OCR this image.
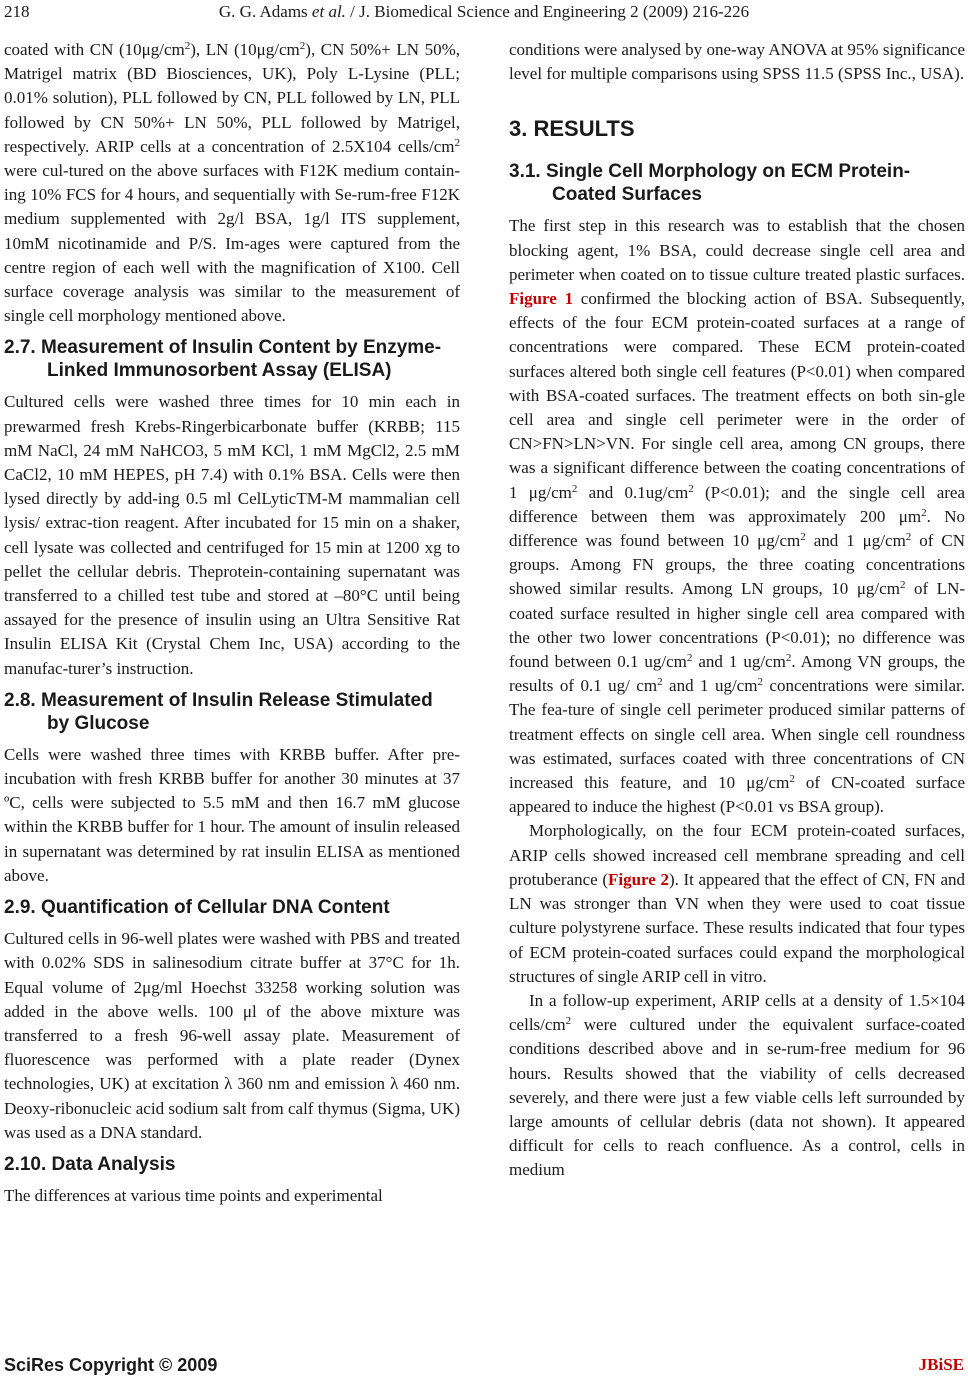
218	G. G. Adams et al. / J. Biomedical Science and Engineering 2 (2009) 216-226

coated with CN $(10\mu g/cm^2)$, LN $(10\mu g/cm^2)$, CN 50%+ LN 50%, Matrigel matrix (BD Biosciences, UK), Poly L-Lysine (PLL; 0.01% solution), PLL followed by CN, PLL followed by LN, PLL followed by CN 50%+ LN 50%, PLL followed by Matrigel, respectively. ARIP cells at a concentration of 2.5X104 cells/$cm^2$ were cul-tured on the above surfaces with F12K medium contain-ing 10% FCS for 4 hours, and sequentially with Se-rum-free F12K medium supplemented with 2g/l BSA, 1g/l ITS supplement, 10mM nicotinamide and P/S. Im-ages were captured from the centre region of each well with the magnification of X100. Cell surface coverage analysis was similar to the measurement of single cell morphology mentioned above.

2.7. Measurement of Insulin Content by Enzyme-Linked Immunosorbent Assay (ELISA)

Cultured cells were washed three times for 10 min each in prewarmed fresh Krebs-Ringerbicarbonate buffer (KRBB; 115 mM NaCl, 24 mM NaHCO3, 5 mM KCl, 1 mM MgCl2, 2.5 mM CaCl2, 10 mM HEPES, pH 7.4) with 0.1% BSA. Cells were then lysed directly by add-ing 0.5 ml CelLyticTM-M mammalian cell lysis/ extrac-tion reagent. After incubated for 15 min on a shaker, cell lysate was collected and centrifuged for 15 min at 1200 xg to pellet the cellular debris. Theprotein-containing supernatant was transferred to a chilled test tube and stored at –80°C until being assayed for the presence of insulin using an Ultra Sensitive Rat Insulin ELISA Kit (Crystal Chem Inc, USA) according to the manufac-turer’s instruction.

2.8. Measurement of Insulin Release Stimulated by Glucose

Cells were washed three times with KRBB buffer. After pre-incubation with fresh KRBB buffer for another 30 minutes at 37 ºC, cells were subjected to 5.5 mM and then 16.7 mM glucose within the KRBB buffer for 1 hour. The amount of insulin released in supernatant was determined by rat insulin ELISA as mentioned above.

2.9. Quantification of Cellular DNA Content

Cultured cells in 96-well plates were washed with PBS and treated with 0.02% SDS in salinesodium citrate buffer at 37°C for 1h. Equal volume of 2μg/ml Hoechst 33258 working solution was added in the above wells. 100 μl of the above mixture was transferred to a fresh 96-well assay plate. Measurement of fluorescence was performed with a plate reader (Dynex technologies, UK) at excitation λ 360 nm and emission λ 460 nm. Deoxy-ribonucleic acid sodium salt from calf thymus (Sigma, UK) was used as a DNA standard.

2.10. Data Analysis

The differences at various time points and experimental

conditions were analysed by one-way ANOVA at 95% significance level for multiple comparisons using SPSS 11.5 (SPSS Inc., USA).

3. RESULTS
3.1. Single Cell Morphology on ECM Protein-Coated Surfaces

The first step in this research was to establish that the chosen blocking agent, 1% BSA, could decrease single cell area and perimeter when coated on to tissue culture treated plastic surfaces. Figure 1 confirmed the blocking action of BSA. Subsequently, effects of the four ECM protein-coated surfaces at a range of concentrations were compared. These ECM protein-coated surfaces altered both single cell features (P<0.01) when compared with BSA-coated surfaces. The treatment effects on both sin-gle cell area and single cell perimeter were in the order of CN>FN>LN>VN. For single cell area, among CN groups, there was a significant difference between the coating concentrations of 1 $\mu g/cm^2$ and $0.1ug/cm^2$ (P<0.01); and the single cell area difference between them was approximately 200 $\mu m^2$. No difference was found between 10 $\mu g/cm^2$ and 1 $\mu g/cm^2$ of CN groups. Among FN groups, the three coating concentrations showed similar results. Among LN groups, 10 $\mu g/cm^2$ of LN-coated surface resulted in higher single cell area compared with the other two lower concentrations (P<0.01); no difference was found between 0.1 $ug/cm^2$ and 1 $ug/cm^2$. Among VN groups, the results of 0.1 ug/ $cm^2$ and 1 $ug/cm^2$ concentrations were similar. The fea-ture of single cell perimeter produced similar patterns of treatment effects on single cell area. When single cell roundness was estimated, surfaces coated with three concentrations of CN increased this feature, and 10 $\mu g/cm^2$ of CN-coated surface appeared to induce the highest (P<0.01 vs BSA group).

Morphologically, on the four ECM protein-coated surfaces, ARIP cells showed increased cell membrane spreading and cell protuberance (Figure 2). It appeared that the effect of CN, FN and LN was stronger than VN when they were used to coat tissue culture polystyrene surface. These results indicated that four types of ECM protein-coated surfaces could expand the morphological structures of single ARIP cell in vitro.

In a follow-up experiment, ARIP cells at a density of 1.5×104 cells/$cm^2$ were cultured under the equivalent surface-coated conditions described above and in se-rum-free medium for 96 hours. Results showed that the viability of cells decreased severely, and there were just a few viable cells left surrounded by large amounts of cellular debris (data not shown). It appeared difficult for cells to reach confluence. As a control, cells in medium

SciRes Copyright © 2009	JBiSE
